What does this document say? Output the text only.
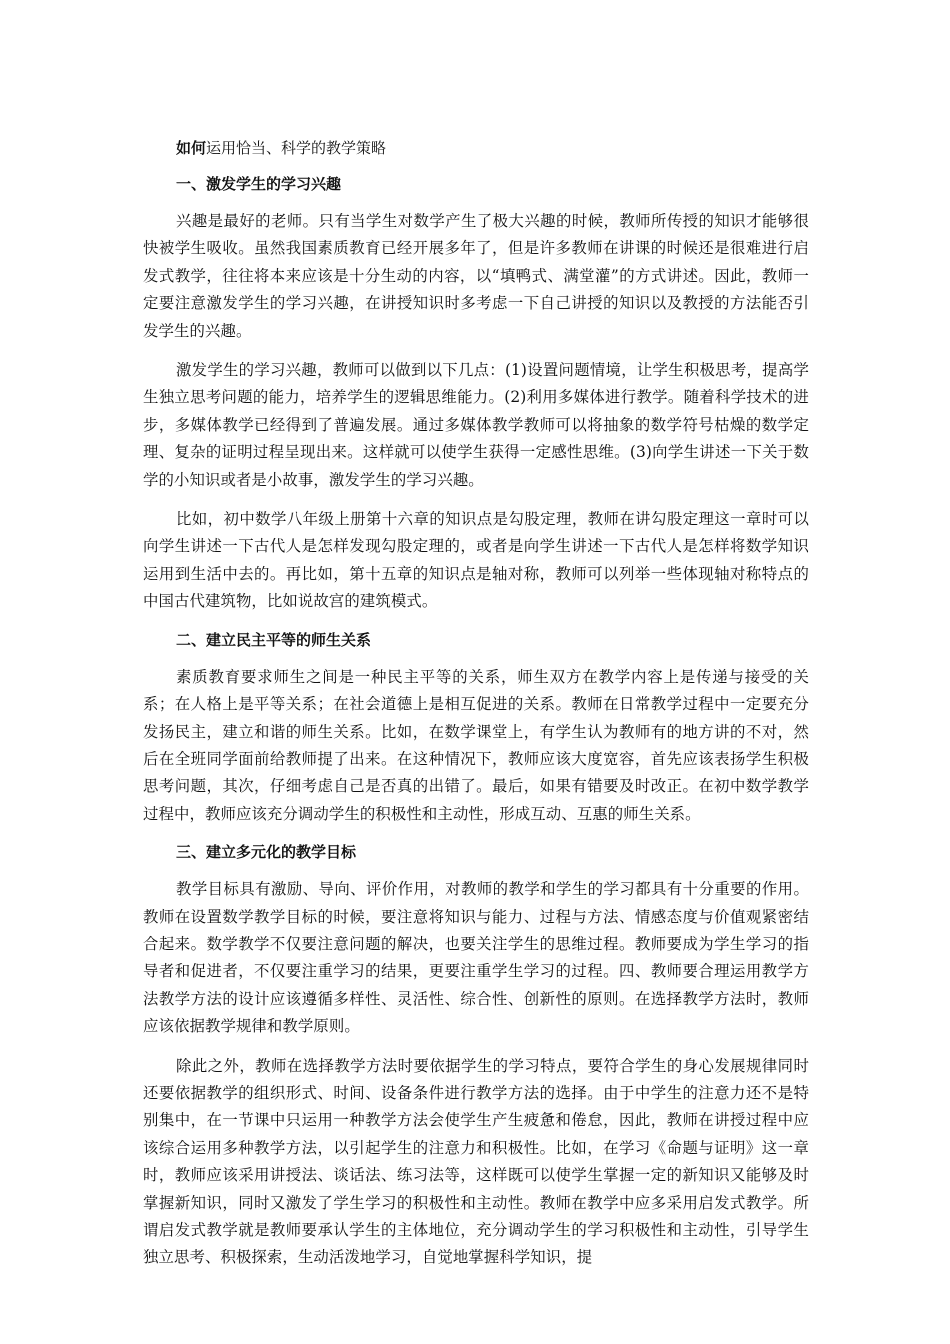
如何运用恰当、科学的教学策略
一、激发学生的学习兴趣

兴趣是最好的老师。只有当学生对数学产生了极大兴趣的时候，教师所传授的知识才能够很快被学生吸收。虽然我国素质教育已经开展多年了，但是许多教师在讲课的时候还是很难进行启发式教学，往往将本来应该是十分生动的内容，以“填鸭式、满堂灌”的方式讲述。因此，教师一定要注意激发学生的学习兴趣，在讲授知识时多考虑一下自己讲授的知识以及教授的方法能否引发学生的兴趣。

激发学生的学习兴趣，教师可以做到以下几点：(1)设置问题情境，让学生积极思考，提高学生独立思考问题的能力，培养学生的逻辑思维能力。(2)利用多媒体进行教学。随着科学技术的进步，多媒体教学已经得到了普遍发展。通过多媒体教学教师可以将抽象的数学符号枯燥的数学定理、复杂的证明过程呈现出来。这样就可以使学生获得一定感性思维。(3)向学生讲述一下关于数学的小知识或者是小故事，激发学生的学习兴趣。

比如，初中数学八年级上册第十六章的知识点是勾股定理，教师在讲勾股定理这一章时可以向学生讲述一下古代人是怎样发现勾股定理的，或者是向学生讲述一下古代人是怎样将数学知识运用到生活中去的。再比如，第十五章的知识点是轴对称，教师可以列举一些体现轴对称特点的中国古代建筑物，比如说故宫的建筑模式。

二、建立民主平等的师生关系

素质教育要求师生之间是一种民主平等的关系，师生双方在教学内容上是传递与接受的关系；在人格上是平等关系；在社会道德上是相互促进的关系。教师在日常教学过程中一定要充分发扬民主，建立和谐的师生关系。比如，在数学课堂上，有学生认为教师有的地方讲的不对，然后在全班同学面前给教师提了出来。在这种情况下，教师应该大度宽容，首先应该表扬学生积极思考问题，其次，仔细考虑自己是否真的出错了。最后，如果有错要及时改正。在初中数学教学过程中，教师应该充分调动学生的积极性和主动性，形成互动、互惠的师生关系。

三、建立多元化的教学目标

教学目标具有激励、导向、评价作用，对教师的教学和学生的学习都具有十分重要的作用。教师在设置数学教学目标的时候，要注意将知识与能力、过程与方法、情感态度与价值观紧密结合起来。数学教学不仅要注意问题的解决，也要关注学生的思维过程。教师要成为学生学习的指导者和促进者，不仅要注重学习的结果，更要注重学生学习的过程。四、教师要合理运用教学方法教学方法的设计应该遵循多样性、灵活性、综合性、创新性的原则。在选择教学方法时，教师应该依据教学规律和教学原则。

除此之外，教师在选择教学方法时要依据学生的学习特点，要符合学生的身心发展规律同时还要依据教学的组织形式、时间、设备条件进行教学方法的选择。由于中学生的注意力还不是特别集中，在一节课中只运用一种教学方法会使学生产生疲惫和倦怠，因此，教师在讲授过程中应该综合运用多种教学方法，以引起学生的注意力和积极性。比如，在学习《命题与证明》这一章时，教师应该采用讲授法、谈话法、练习法等，这样既可以使学生掌握一定的新知识又能够及时掌握新知识，同时又激发了学生学习的积极性和主动性。教师在教学中应多采用启发式教学。所谓启发式教学就是教师要承认学生的主体地位，充分调动学生的学习积极性和主动性，引导学生独立思考、积极探索，生动活泼地学习，自觉地掌握科学知识，提
